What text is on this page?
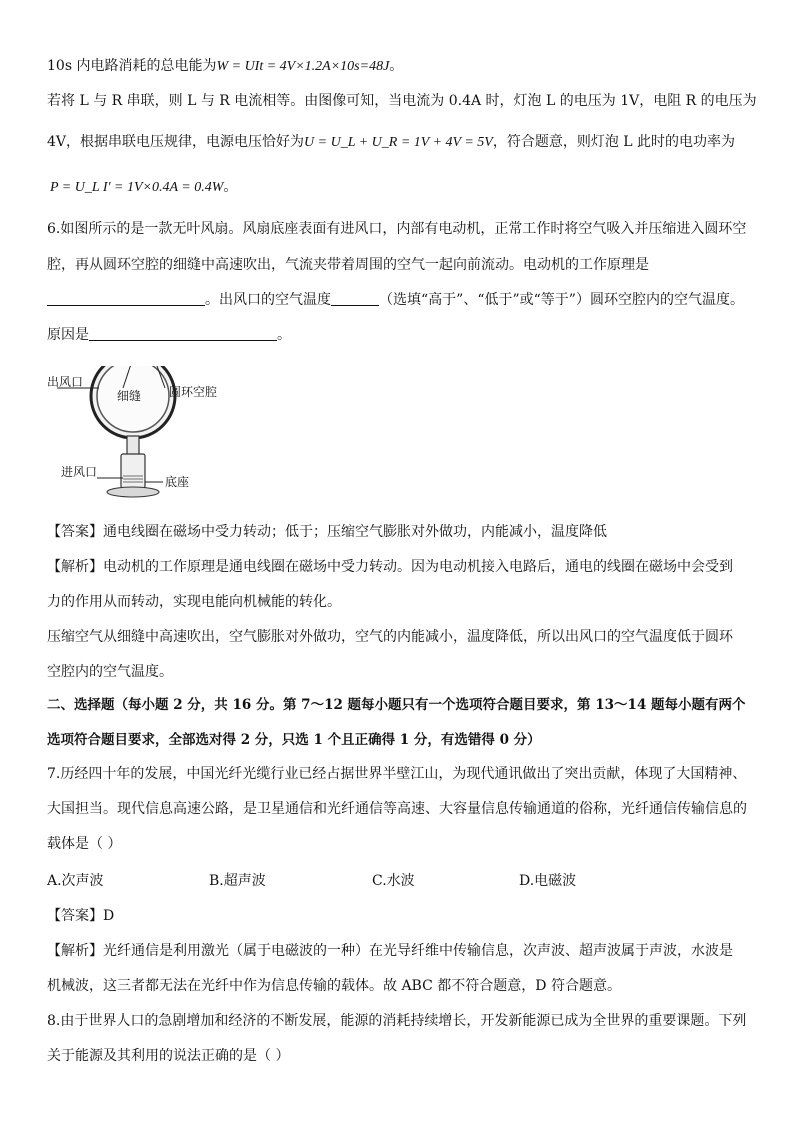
10s 内电路消耗的总电能为W = UIt = 4V×1.2A×10s=48J。
若将 L 与 R 串联，则 L 与 R 电流相等。由图像可知，当电流为 0.4A 时，灯泡 L 的电压为 1V，电阻 R 的电压为
4V，根据串联电压规律，电源电压恰好为U = U_L + U_R = 1V + 4V = 5V，符合题意，则灯泡 L 此时的电功率为
P = U_L I' = 1V×0.4A = 0.4W。
6.如图所示的是一款无叶风扇。风扇底座表面有进风口，内部有电动机，正常工作时将空气吸入并压缩进入圆环空
腔，再从圆环空腔的细缝中高速吹出，气流夹带着周围的空气一起向前流动。电动机的工作原理是
。出风口的空气温度	（选填“高于”、“低于”或“等于”）圆环空腔内的空气温度。
原因是	。
出风口
细缝 圆环空腔
进风口
底座
【答案】通电线圈在磁场中受力转动；低于；压缩空气膨胀对外做功，内能减小，温度降低
【解析】电动机的工作原理是通电线圈在磁场中受力转动。因为电动机接入电路后，通电的线圈在磁场中会受到
力的作用从而转动，实现电能向机械能的转化。
压缩空气从细缝中高速吹出，空气膨胀对外做功，空气的内能减小，温度降低，所以出风口的空气温度低于圆环
空腔内的空气温度。
二、选择题（每小题 2 分，共 16 分。第 7～12 题每小题只有一个选项符合题目要求，第 13～14 题每小题有两个
选项符合题目要求，全部选对得 2 分，只选 1 个且正确得 1 分，有选错得 0 分）
7.历经四十年的发展，中国光纤光缆行业已经占据世界半壁江山，为现代通讯做出了突出贡献，体现了大国精神、
大国担当。现代信息高速公路，是卫星通信和光纤通信等高速、大容量信息传输通道的俗称，光纤通信传输信息的
载体是（ ）
A.次声波	B.超声波	C.水波	D.电磁波
【答案】D
【解析】光纤通信是利用激光（属于电磁波的一种）在光导纤维中传输信息，次声波、超声波属于声波，水波是
机械波，这三者都无法在光纤中作为信息传输的载体。故 ABC 都不符合题意，D 符合题意。
8.由于世界人口的急剧增加和经济的不断发展，能源的消耗持续增长，开发新能源已成为全世界的重要课题。下列
关于能源及其利用的说法正确的是（ ）
